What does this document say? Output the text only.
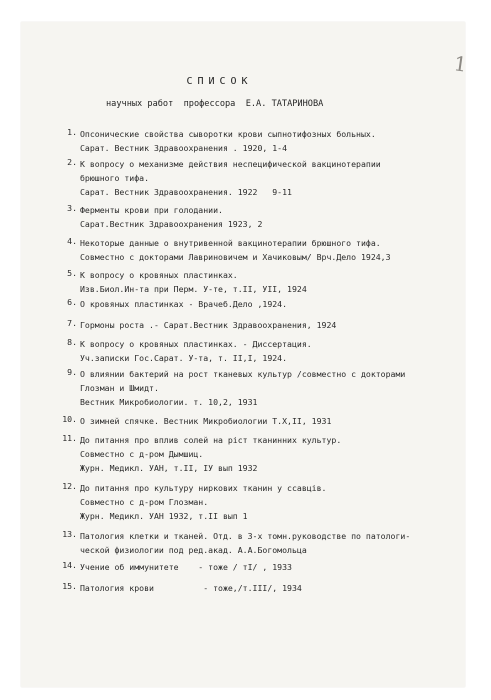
1
СПИСОК
научных работ  профессора  Е.А. ТАТАРИНОВА
1. Опсонические свойства сыворотки крови сыпнотифозных больных.
Сарат. Вестник Здравоохранения . 1920, 1-4
2. К вопросу о механизме действия неспецифической вакцинотерапии
брюшного тифа.
Сарат. Вестник Здравоохранения. 1922   9-11
3. Ферменты крови при голодании.
Сарат.Вестник Здравоохранения 1923, 2
4. Некоторые данные о внутривенной вакцинотерапии брюшного тифа.
Совместно с докторами Лавриновичем и Хачиковым/ Врч.Дело 1924,3
5. К вопросу о кровяных пластинках.
Изв.Биол.Ин-та при Перм. У-те, т.II, УII, 1924
6. О кровяных пластинках - Врачеб.Дело ,1924.
7. Гормоны роста .- Сарат.Вестник Здравоохранения, 1924
8. К вопросу о кровяных пластинках. - Диссертация.
Уч.записки Гос.Сарат. У-та, т. II,I, 1924.
9. О влиянии бактерий на рост тканевых культур /совместно с докторами
Глозман и Шмидт.
Вестник Микробиологии. т. 10,2, 1931
10. О зимней спячке. Вестник Микробиологии Т.Х,II, 1931
11. До питання про вплив солей на ріст тканинних культур.
Совместно с д-ром Дымшиц.
Журн. Медикл. УАН, т.II, IУ вып 1932
12. До питання про культуру ниркових тканин у ссавців.
Совместно с д-ром Глозман.
Журн. Медикл. УАН 1932, т.II вып 1
13. Патология клетки и тканей. Отд. в 3-х томн.руководстве по патологи-
ческой физиологии под ред.акад. А.А.Богомольца
14. Учение об иммунитете    - тоже / тI/ , 1933
15. Патология крови          - тоже,/т.III/, 1934
